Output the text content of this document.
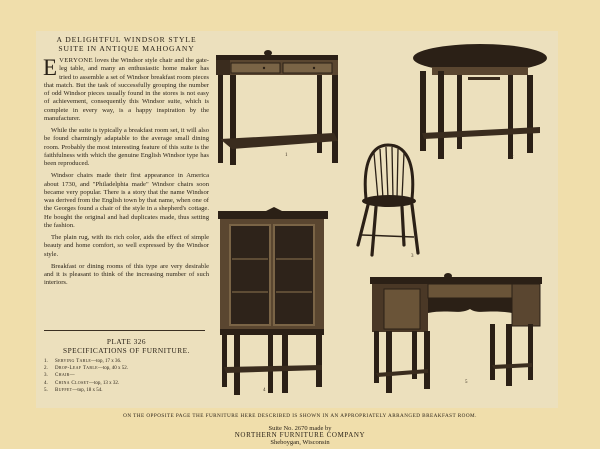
A DELIGHTFUL WINDSOR STYLE
SUITE IN ANTIQUE MAHOGANY

EVERYONE loves the Windsor style chair and the gate-leg table, and many an enthusiastic home maker has tried to assemble a set of Windsor breakfast room pieces that match. But the task of successfully grouping the number of odd Windsor pieces usually found in the stores is not easy of achievement, consequently this Windsor suite, which is complete in every way, is a happy inspiration by the manufacturer.

While the suite is typically a breakfast room set, it will also be found charmingly adaptable to the average small dining room. Probably the most interesting feature of this suite is the faithfulness with which the genuine English Windsor type has been reproduced.

Windsor chairs made their first appearance in America about 1730, and "Philadelphia made" Windsor chairs soon became very popular. There is a story that the name Windsor was derived from the English town by that name, when one of the Georges found a chair of the style in a shepherd's cottage. He bought the original and had duplicates made, thus setting the fashion.

The plain rug, with its rich color, aids the effect of simple beauty and home comfort, so well expressed by the Windsor style.

Breakfast or dining rooms of this type are very desirable and it is pleasant to think of the increasing number of such interiors.

PLATE 326
SPECIFICATIONS OF FURNITURE.
1. Serving Table—top, 17 x 36.
2. Drop-Leaf Table—top, 40 x 52.
3. Chair—
4. China Closet—top, 13 x 32.
5. Buffet—top, 18 x 54.
1	2
3
4
5
ON THE OPPOSITE PAGE THE FURNITURE HERE DESCRIBED IS SHOWN IN AN APPROPRIATELY ARRANGED BREAKFAST ROOM.
Suite No. 2670 made by
NORTHERN FURNITURE COMPANY
Sheboygan, Wisconsin
